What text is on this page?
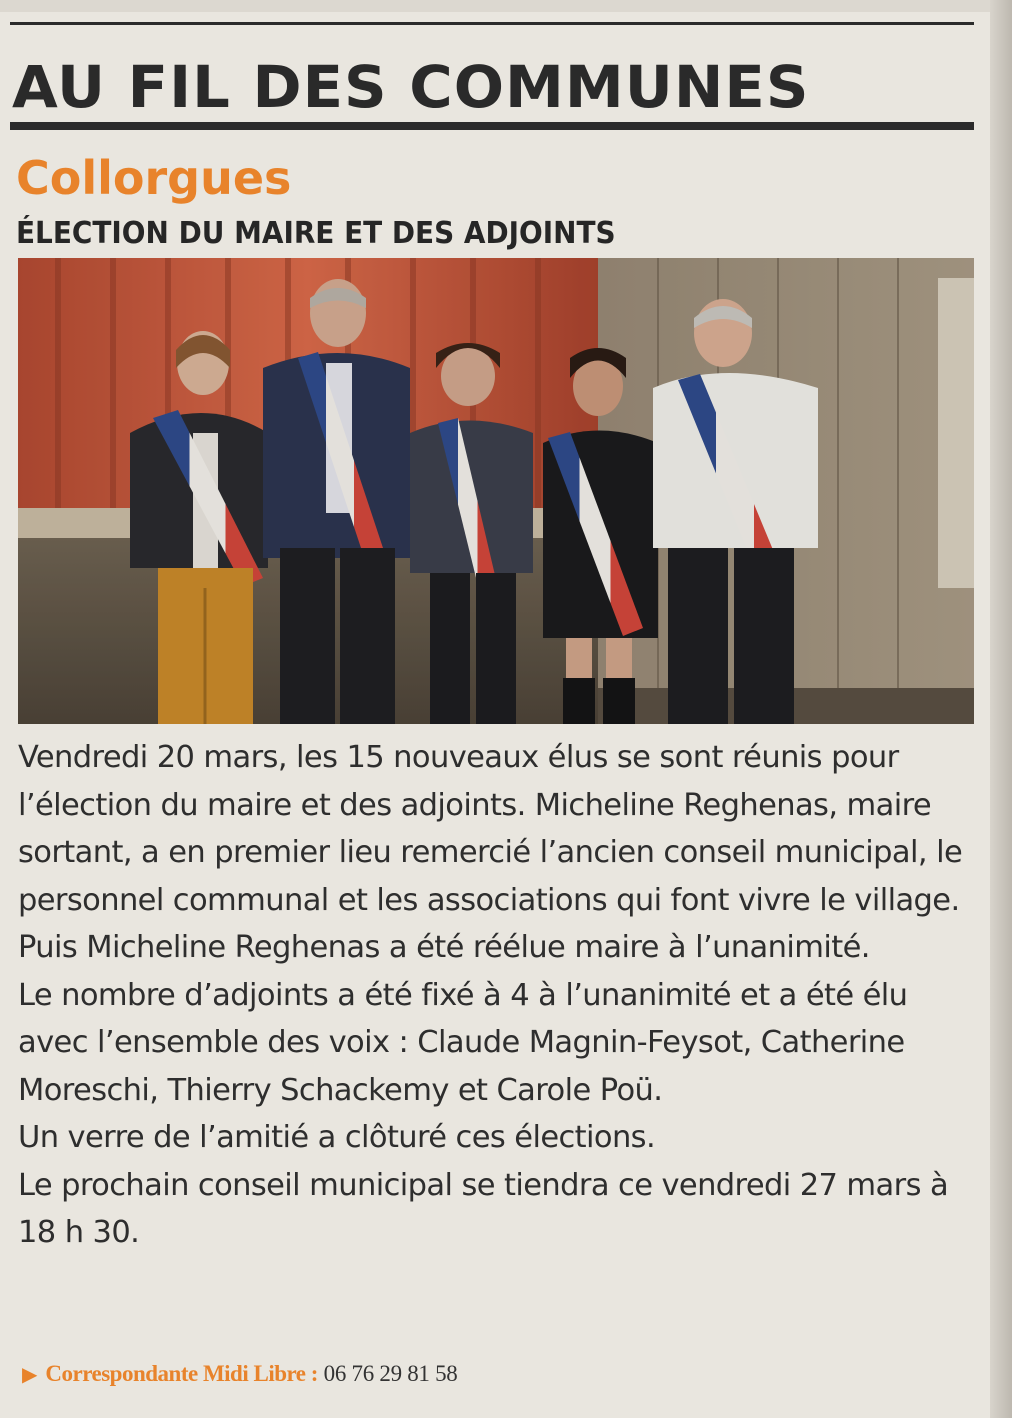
AU FIL DES COMMUNES
Collorgues
ÉLECTION DU MAIRE ET DES ADJOINTS

Vendredi 20 mars, les 15 nouveaux élus se sont réunis pour l’élection du maire et des adjoints. Micheline Reghenas, maire sortant, a en premier lieu remercié l’ancien conseil municipal, le personnel communal et les associations qui font vivre le village. Puis Micheline Reghenas a été réélue maire à l’unanimité.

Le nombre d’adjoints a été fixé à 4 à l’unanimité et a été élu avec l’ensemble des voix : Claude Magnin-Feysot, Catherine Moreschi, Thierry Schackemy et Carole Poü.

Un verre de l’amitié a clôturé ces élections.

Le prochain conseil municipal se tiendra ce vendredi 27 mars à 18 h 30.

▶ Correspondante Midi Libre : 06 76 29 81 58
